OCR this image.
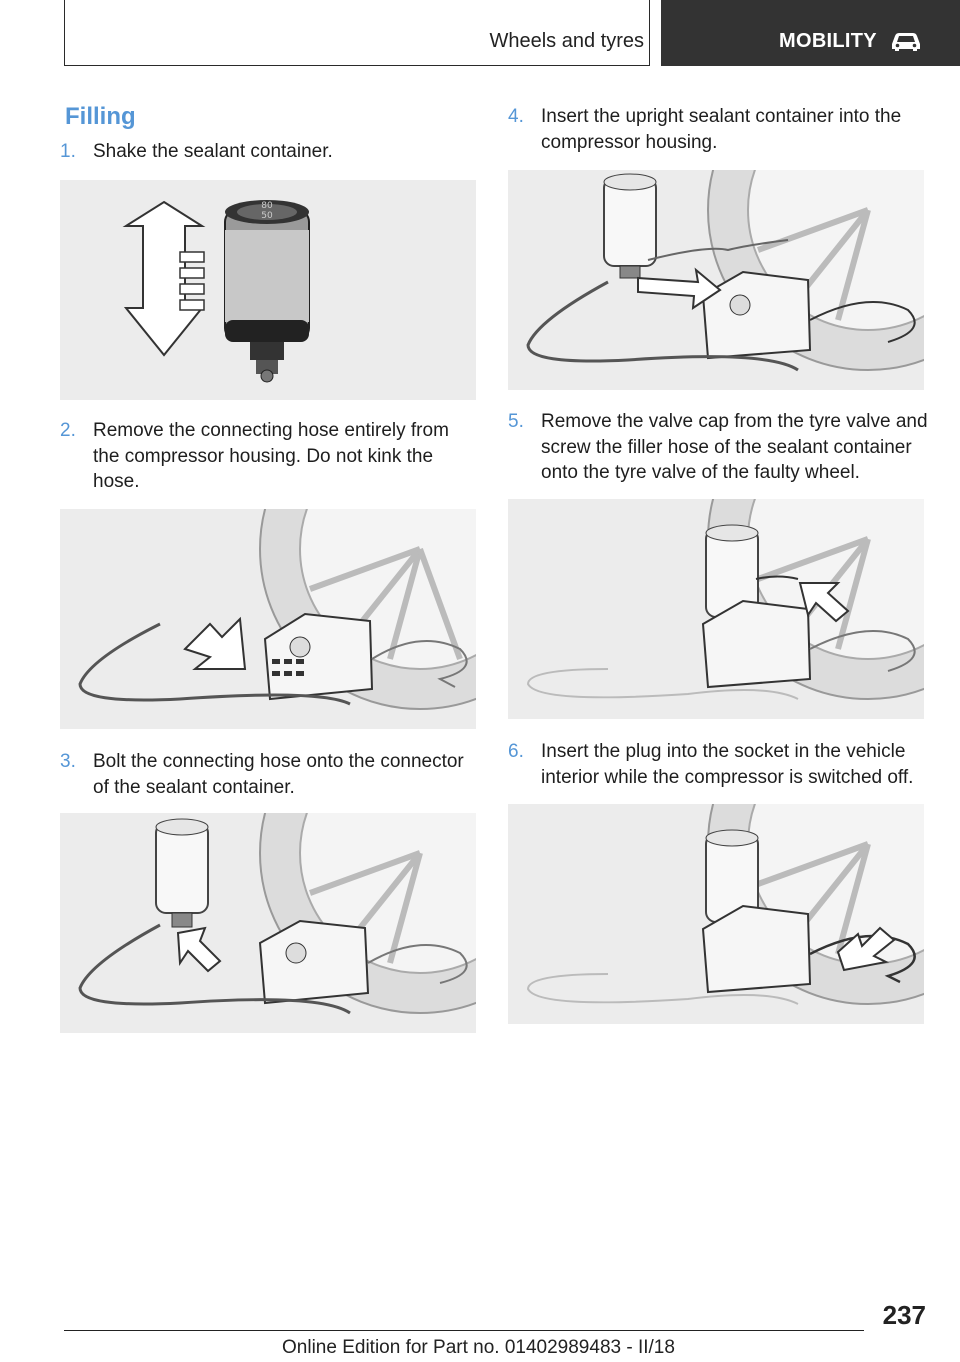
Wheels and tyres	MOBILITY
Filling
1. Shake the sealant container.
80
50
2. Remove the connecting hose entirely from
the compressor housing. Do not kink the
hose.
3. Bolt the connecting hose onto the connector
of the sealant container.
4. Insert the upright sealant container into the
compressor housing.
5. Remove the valve cap from the tyre valve and
screw the filler hose of the sealant container
onto the tyre valve of the faulty wheel.
6. Insert the plug into the socket in the vehicle
interior while the compressor is switched off.
237
Online Edition for Part no. 01402989483 - II/18
